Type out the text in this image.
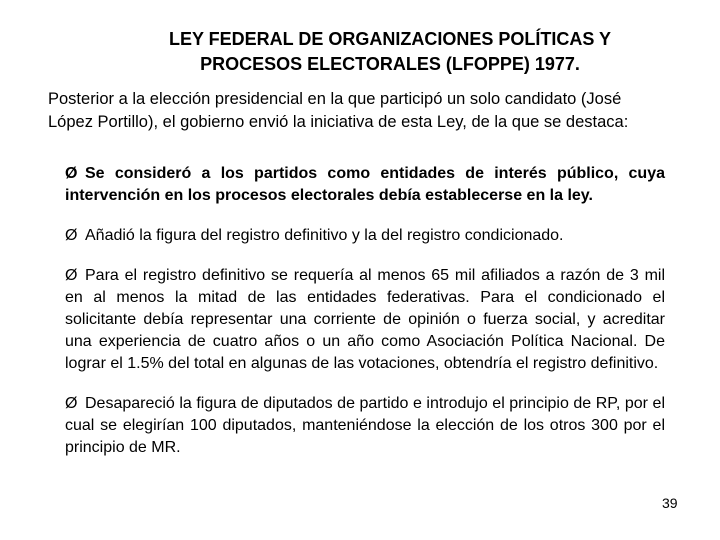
LEY FEDERAL DE ORGANIZACIONES POLÍTICAS Y
PROCESOS ELECTORALES (LFOPPE) 1977.

Posterior a la elección presidencial en la que participó un solo candidato (José
López Portillo), el gobierno envió la iniciativa de esta Ley, de la que se destaca:

Ø Se consideró a los partidos como entidades de interés público, cuya intervención en los procesos electorales debía establecerse en la ley.
Ø Añadió la figura del registro definitivo y la del registro condicionado.
Ø Para el registro definitivo se requería al menos 65 mil afiliados a razón de 3 mil en al menos la mitad de las entidades federativas. Para el condicionado el solicitante debía representar una corriente de opinión o fuerza social, y acreditar una experiencia de cuatro años o un año como Asociación Política Nacional. De lograr el 1.5% del total en algunas de las votaciones, obtendría el registro definitivo.
Ø Desapareció la figura de diputados de partido e introdujo el principio de RP, por el cual se elegirían 100 diputados, manteniéndose la elección de los otros 300 por el principio de MR.
39
